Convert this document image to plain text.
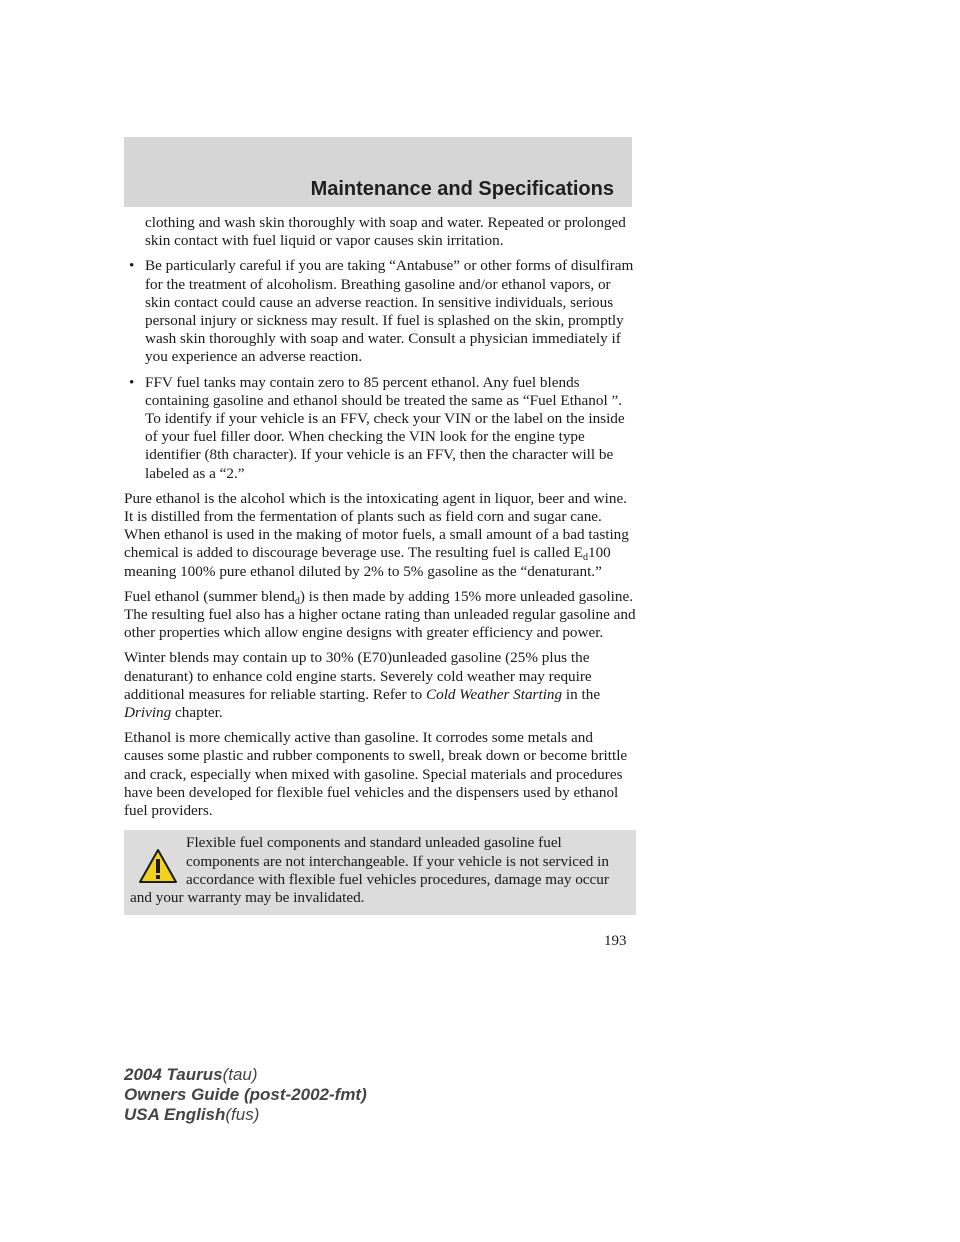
Maintenance and Specifications

clothing and wash skin thoroughly with soap and water. Repeated or prolonged skin contact with fuel liquid or vapor causes skin irritation.

• Be particularly careful if you are taking “Antabuse” or other forms of disulfiram for the treatment of alcoholism. Breathing gasoline and/or ethanol vapors, or skin contact could cause an adverse reaction. In sensitive individuals, serious personal injury or sickness may result. If fuel is splashed on the skin, promptly wash skin thoroughly with soap and water. Consult a physician immediately if you experience an adverse reaction.
• FFV fuel tanks may contain zero to 85 percent ethanol. Any fuel blends containing gasoline and ethanol should be treated the same as “Fuel Ethanol ”. To identify if your vehicle is an FFV, check your VIN or the label on the inside of your fuel filler door. When checking the VIN look for the engine type identifier (8th character). If your vehicle is an FFV, then the character will be labeled as a “2.”

Pure ethanol is the alcohol which is the intoxicating agent in liquor, beer and wine. It is distilled from the fermentation of plants such as field corn and sugar cane. When ethanol is used in the making of motor fuels, a small amount of a bad tasting chemical is added to discourage beverage use. The resulting fuel is called $E_d100$ meaning 100% pure ethanol diluted by 2% to 5% gasoline as the “denaturant.”

Fuel ethanol (summer blend$_d$) is then made by adding 15% more unleaded gasoline. The resulting fuel also has a higher octane rating than unleaded regular gasoline and other properties which allow engine designs with greater efficiency and power.

Winter blends may contain up to 30% (E70)unleaded gasoline (25% plus the denaturant) to enhance cold engine starts. Severely cold weather may require additional measures for reliable starting. Refer to Cold Weather Starting in the Driving chapter.

Ethanol is more chemically active than gasoline. It corrodes some metals and causes some plastic and rubber components to swell, break down or become brittle and crack, especially when mixed with gasoline. Special materials and procedures have been developed for flexible fuel vehicles and the dispensers used by ethanol fuel providers.

Flexible fuel components and standard unleaded gasoline fuel components are not interchangeable. If your vehicle is not serviced in accordance with flexible fuel vehicles procedures, damage may occur and your warranty may be invalidated.
193
2004 Taurus(tau)
Owners Guide (post-2002-fmt)
USA English(fus)
